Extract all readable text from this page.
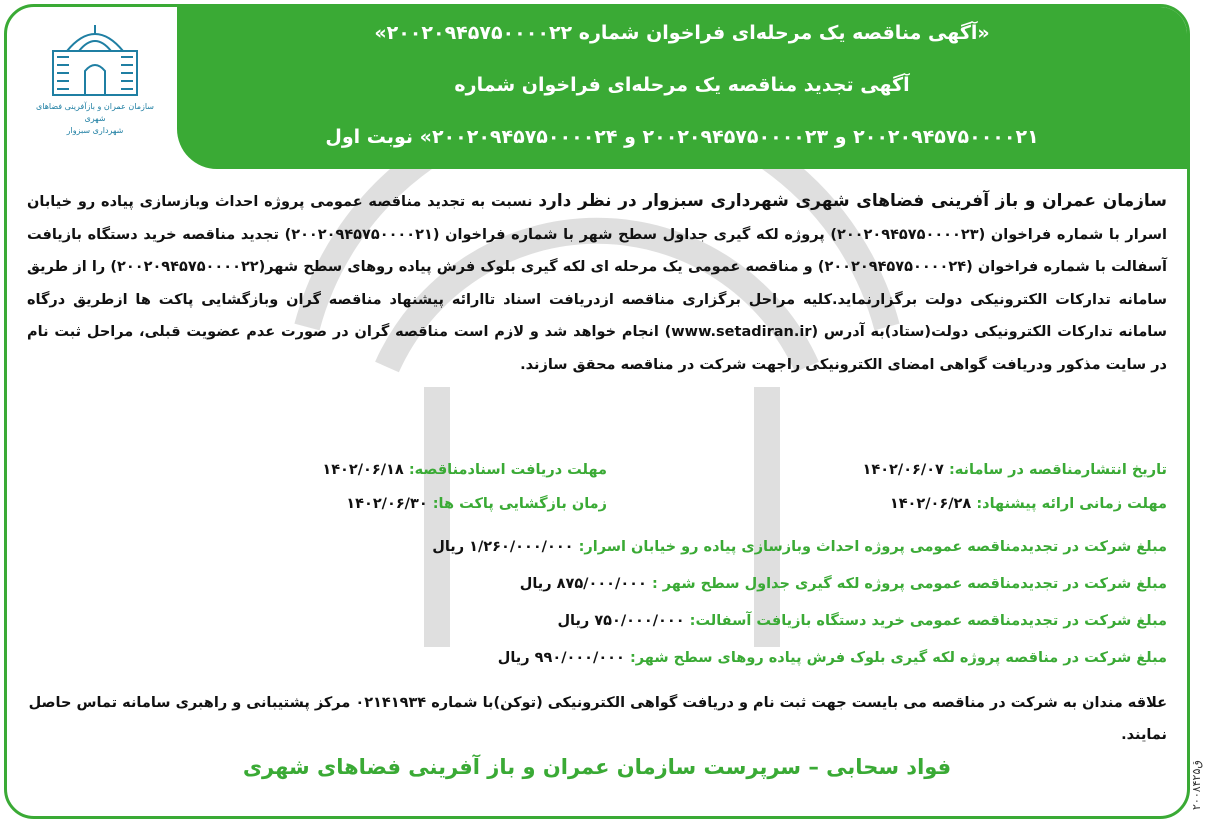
«آگهی مناقصه یک مرحله‌ای فراخوان شماره ۲۰۰۲۰۹۴۵۷۵۰۰۰۰۲۲»
آگهی تجدید مناقصه یک مرحله‌ای فراخوان شماره
۲۰۰۲۰۹۴۵۷۵۰۰۰۰۲۱ و ۲۰۰۲۰۹۴۵۷۵۰۰۰۰۲۳ و ۲۰۰۲۰۹۴۵۷۵۰۰۰۰۲۴» نوبت اول
سازمان عمران و بازآفرینی فضاهای شهری
شهرداری سبزوار
سازمان عمران و باز آفرینی فضاهای شهری شهرداری سبزوار در نظر دارد نسبت به تجدید مناقصه عمومی پروژه احداث وبازسازی پیاده رو خیابان اسرار با شماره فراخوان (۲۰۰۲۰۹۴۵۷۵۰۰۰۰۲۳) پروژه لکه گیری جداول سطح شهر با شماره فراخوان (۲۰۰۲۰۹۴۵۷۵۰۰۰۰۲۱) تجدید مناقصه خرید دستگاه بازیافت آسفالت با شماره فراخوان (۲۰۰۲۰۹۴۵۷۵۰۰۰۰۲۴) و مناقصه عمومی یک مرحله ای لکه گیری بلوک فرش پیاده روهای سطح شهر(۲۰۰۲۰۹۴۵۷۵۰۰۰۰۲۲) را از طریق سامانه تدارکات الکترونیکی دولت برگزارنماید.کلیه مراحل برگزاری مناقصه ازدریافت اسناد تاارائه پیشنهاد مناقصه گران وبازگشایی پاکت ها ازطریق درگاه سامانه تدارکات الکترونیکی دولت(ستاد)به آدرس (www.setadiran.ir) انجام خواهد شد و لازم است مناقصه گران در صورت عدم عضویت قبلی، مراحل ثبت نام در سایت مذکور ودریافت گواهی امضای الکترونیکی راجهت شرکت در مناقصه محقق سازند.
تاریخ انتشارمناقصه در سامانه: ۱۴۰۲/۰۶/۰۷
مهلت دریافت اسنادمناقصه: ۱۴۰۲/۰۶/۱۸
مهلت زمانی ارائه پیشنهاد: ۱۴۰۲/۰۶/۲۸
زمان بازگشایی پاکت ها: ۱۴۰۲/۰۶/۳۰
مبلغ شرکت در تجدیدمناقصه عمومی پروژه احداث وبازسازی پیاده رو خیابان اسرار: ۱/۲۶۰/۰۰۰/۰۰۰ ریال
مبلغ شرکت در تجدیدمناقصه عمومی پروژه لکه گیری جداول سطح شهر : ۸۷۵/۰۰۰/۰۰۰ ریال
مبلغ شرکت در تجدیدمناقصه عمومی خرید دستگاه بازیافت آسفالت: ۷۵۰/۰۰۰/۰۰۰ ریال
مبلغ شرکت در مناقصه پروژه لکه گیری بلوک فرش پیاده روهای سطح شهر: ۹۹۰/۰۰۰/۰۰۰ ریال
علاقه مندان به شرکت در مناقصه می بایست جهت ثبت نام و دریافت گواهی الکترونیکی (توکن)با شماره ۰۲۱۴۱۹۳۴ مرکز پشتیبانی و راهبری سامانه تماس حاصل نمایند.
فواد سحابی – سرپرست سازمان عمران و باز آفرینی فضاهای شهری
ق۲۰۰۸۴۲۵
